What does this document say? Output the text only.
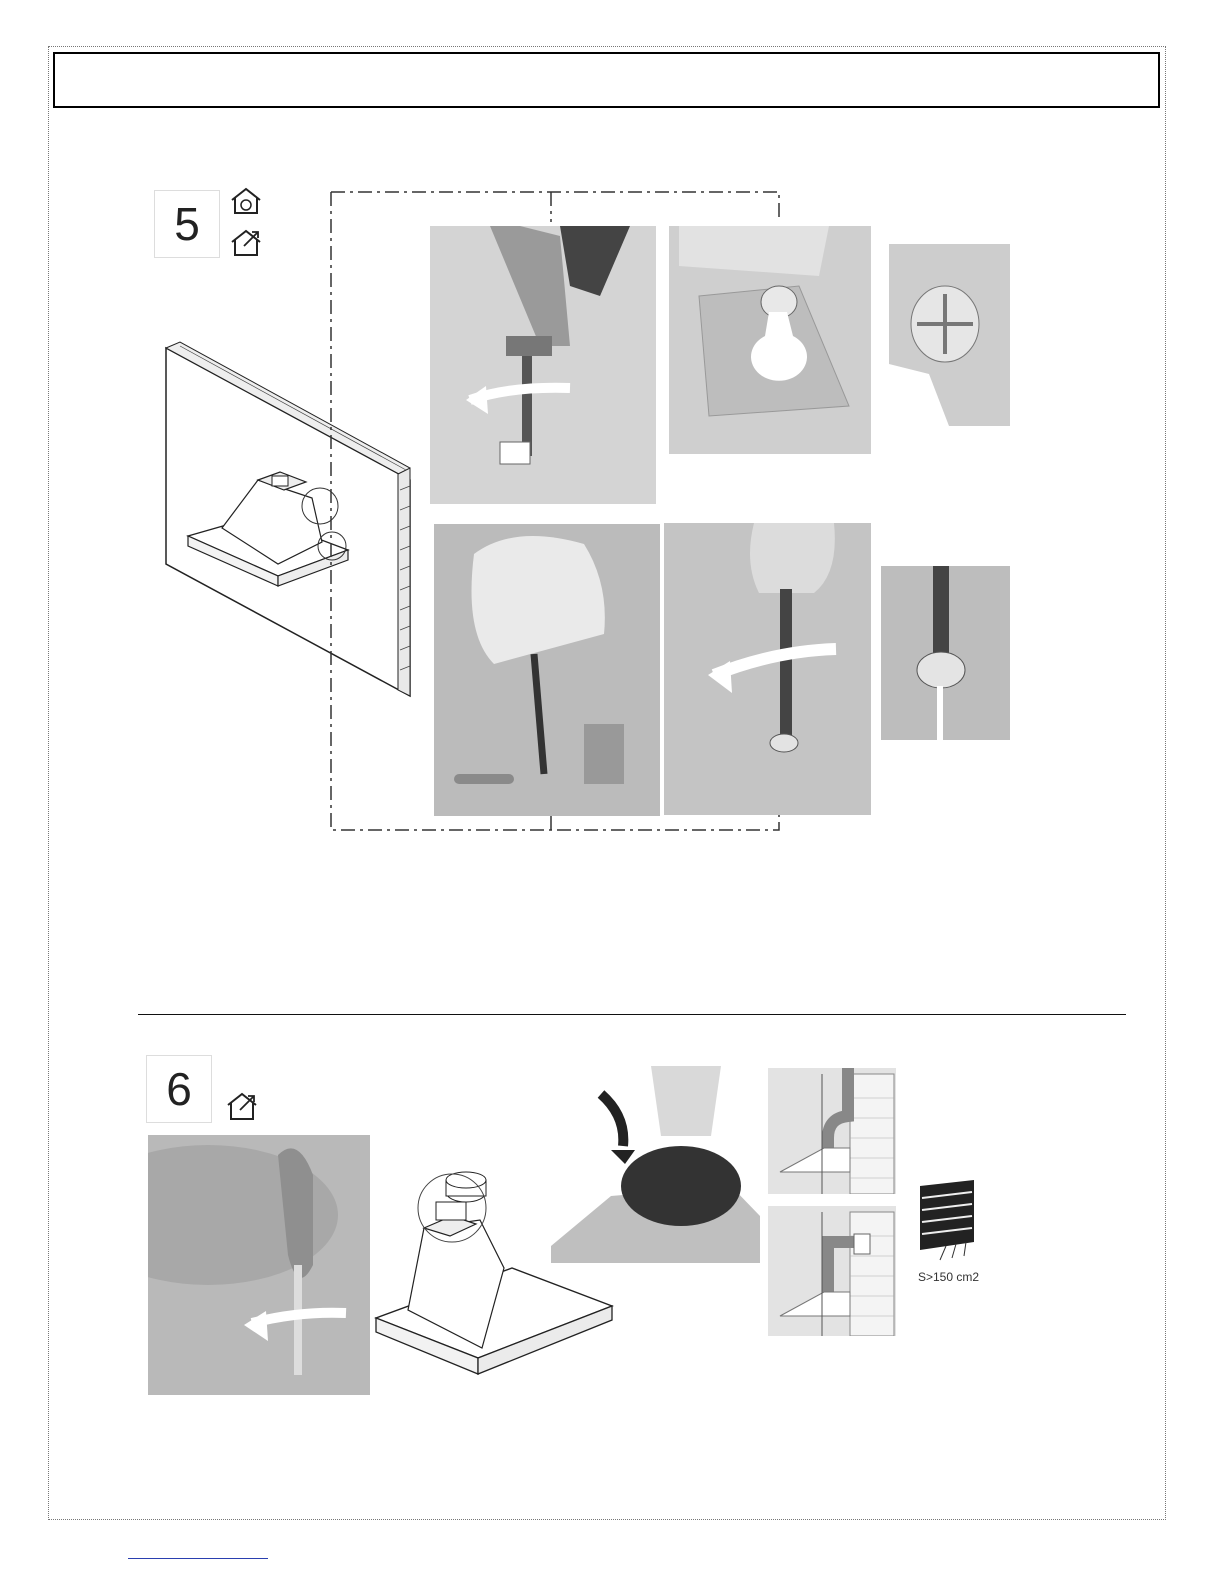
5
6
S>150 cm2
